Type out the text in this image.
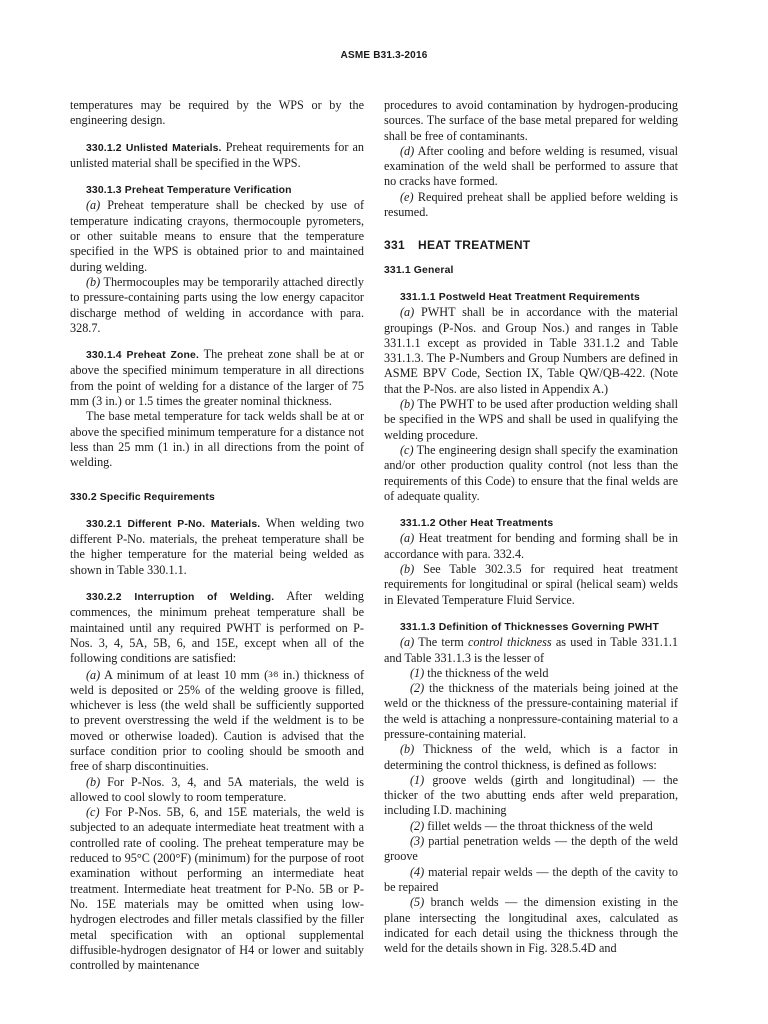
ASME B31.3-2016

temperatures may be required by the WPS or by the engineering design.

330.1.2 Unlisted Materials. Preheat requirements for an unlisted material shall be specified in the WPS.

330.1.3 Preheat Temperature Verification

(a) Preheat temperature shall be checked by use of temperature indicating crayons, thermocouple pyrometers, or other suitable means to ensure that the temperature specified in the WPS is obtained prior to and maintained during welding.

(b) Thermocouples may be temporarily attached directly to pressure-containing parts using the low energy capacitor discharge method of welding in accordance with para. 328.7.

330.1.4 Preheat Zone. The preheat zone shall be at or above the specified minimum temperature in all directions from the point of welding for a distance of the larger of 75 mm (3 in.) or 1.5 times the greater nominal thickness.

The base metal temperature for tack welds shall be at or above the specified minimum temperature for a distance not less than 25 mm (1 in.) in all directions from the point of welding.

330.2 Specific Requirements

330.2.1 Different P-No. Materials. When welding two different P-No. materials, the preheat temperature shall be the higher temperature for the material being welded as shown in Table 330.1.1.

330.2.2 Interruption of Welding. After welding commences, the minimum preheat temperature shall be maintained until any required PWHT is performed on P-Nos. 3, 4, 5A, 5B, 6, and 15E, except when all of the following conditions are satisfied:

(a) A minimum of at least 10 mm (3⁄8 in.) thickness of weld is deposited or 25% of the welding groove is filled, whichever is less (the weld shall be sufficiently supported to prevent overstressing the weld if the weldment is to be moved or otherwise loaded). Caution is advised that the surface condition prior to cooling should be smooth and free of sharp discontinuities.

(b) For P-Nos. 3, 4, and 5A materials, the weld is allowed to cool slowly to room temperature.

(c) For P-Nos. 5B, 6, and 15E materials, the weld is subjected to an adequate intermediate heat treatment with a controlled rate of cooling. The preheat temperature may be reduced to 95°C (200°F) (minimum) for the purpose of root examination without performing an intermediate heat treatment. Intermediate heat treatment for P-No. 5B or P-No. 15E materials may be omitted when using low-hydrogen electrodes and filler metals classified by the filler metal specification with an optional supplemental diffusible-hydrogen designator of H4 or lower and suitably controlled by maintenance

procedures to avoid contamination by hydrogen-producing sources. The surface of the base metal prepared for welding shall be free of contaminants.

(d) After cooling and before welding is resumed, visual examination of the weld shall be performed to assure that no cracks have formed.

(e) Required preheat shall be applied before welding is resumed.

331 HEAT TREATMENT

331.1 General

331.1.1 Postweld Heat Treatment Requirements

(a) PWHT shall be in accordance with the material groupings (P-Nos. and Group Nos.) and ranges in Table 331.1.1 except as provided in Table 331.1.2 and Table 331.1.3. The P-Numbers and Group Numbers are defined in ASME BPV Code, Section IX, Table QW/QB-422. (Note that the P-Nos. are also listed in Appendix A.)

(b) The PWHT to be used after production welding shall be specified in the WPS and shall be used in qualifying the welding procedure.

(c) The engineering design shall specify the examination and/or other production quality control (not less than the requirements of this Code) to ensure that the final welds are of adequate quality.

331.1.2 Other Heat Treatments

(a) Heat treatment for bending and forming shall be in accordance with para. 332.4.

(b) See Table 302.3.5 for required heat treatment requirements for longitudinal or spiral (helical seam) welds in Elevated Temperature Fluid Service.

331.1.3 Definition of Thicknesses Governing PWHT

(a) The term control thickness as used in Table 331.1.1 and Table 331.1.3 is the lesser of

(1) the thickness of the weld

(2) the thickness of the materials being joined at the weld or the thickness of the pressure-containing material if the weld is attaching a nonpressure-containing material to a pressure-containing material.

(b) Thickness of the weld, which is a factor in determining the control thickness, is defined as follows:

(1) groove welds (girth and longitudinal) — the thicker of the two abutting ends after weld preparation, including I.D. machining

(2) fillet welds — the throat thickness of the weld

(3) partial penetration welds — the depth of the weld groove

(4) material repair welds — the depth of the cavity to be repaired

(5) branch welds — the dimension existing in the plane intersecting the longitudinal axes, calculated as indicated for each detail using the thickness through the weld for the details shown in Fig. 328.5.4D and
